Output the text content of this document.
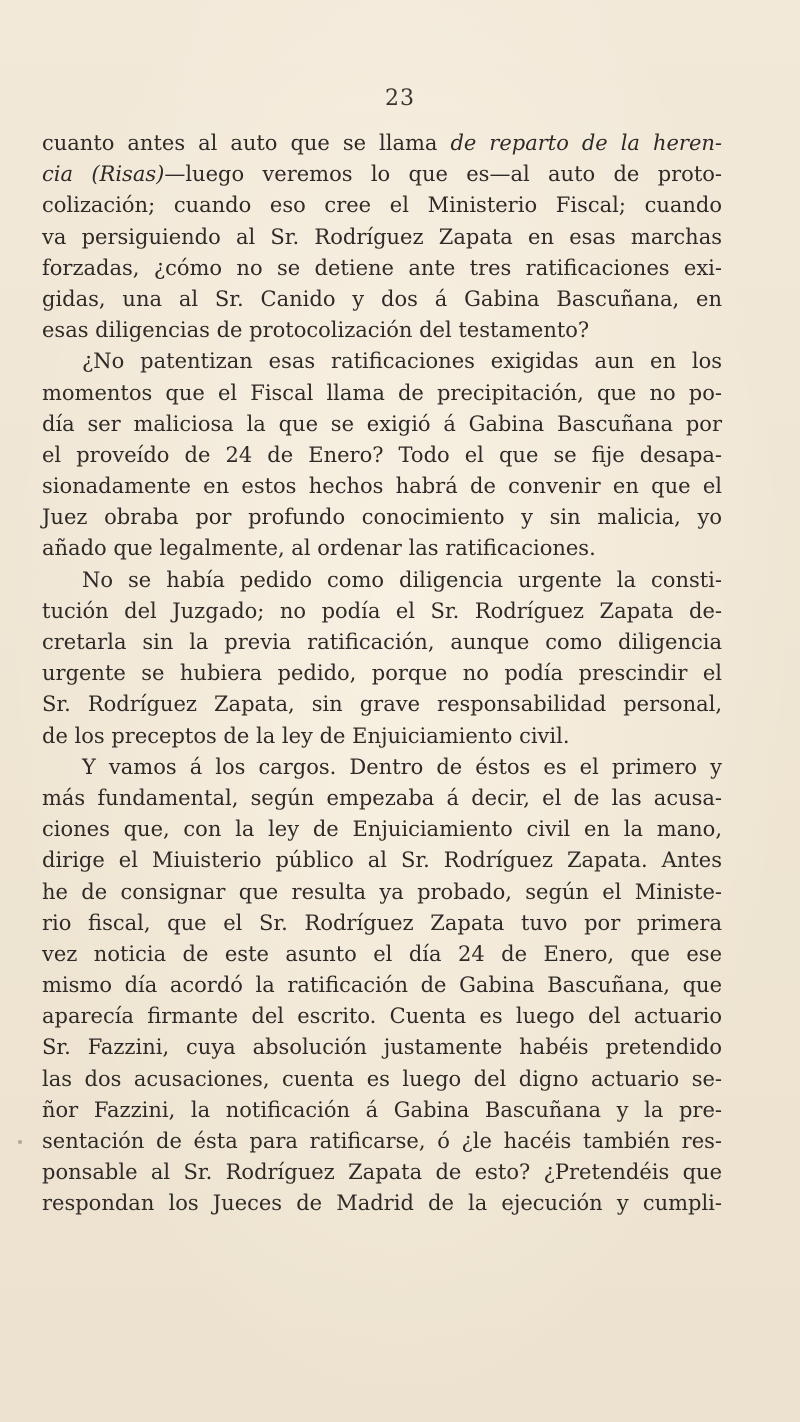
23
cuanto antes al auto que se llama de reparto de la heren-
cia (Risas)—luego veremos lo que es—al auto de proto-
colización; cuando eso cree el Ministerio Fiscal; cuando
va persiguiendo al Sr. Rodríguez Zapata en esas marchas
forzadas, ¿cómo no se detiene ante tres ratificaciones exi-
gidas, una al Sr. Canido y dos á Gabina Bascuñana, en
esas diligencias de protocolización del testamento?
¿No patentizan esas ratificaciones exigidas aun en los
momentos que el Fiscal llama de precipitación, que no po-
día ser maliciosa la que se exigió á Gabina Bascuñana por
el proveído de 24 de Enero? Todo el que se fije desapa-
sionadamente en estos hechos habrá de convenir en que el
Juez obraba por profundo conocimiento y sin malicia, yo
añado que legalmente, al ordenar las ratificaciones.
No se había pedido como diligencia urgente la consti-
tución del Juzgado; no podía el Sr. Rodríguez Zapata de-
cretarla sin la previa ratificación, aunque como diligencia
urgente se hubiera pedido, porque no podía prescindir el
Sr. Rodríguez Zapata, sin grave responsabilidad personal,
de los preceptos de la ley de Enjuiciamiento civil.
Y vamos á los cargos. Dentro de éstos es el primero y
más fundamental, según empezaba á decir, el de las acusa-
ciones que, con la ley de Enjuiciamiento civil en la mano,
dirige el Miuisterio público al Sr. Rodríguez Zapata. Antes
he de consignar que resulta ya probado, según el Ministe-
rio fiscal, que el Sr. Rodríguez Zapata tuvo por primera
vez noticia de este asunto el día 24 de Enero, que ese
mismo día acordó la ratificación de Gabina Bascuñana, que
aparecía firmante del escrito. Cuenta es luego del actuario
Sr. Fazzini, cuya absolución justamente habéis pretendido
las dos acusaciones, cuenta es luego del digno actuario se-
ñor Fazzini, la notificación á Gabina Bascuñana y la pre-
sentación de ésta para ratificarse, ó ¿le hacéis también res-
ponsable al Sr. Rodríguez Zapata de esto? ¿Pretendéis que
respondan los Jueces de Madrid de la ejecución y cumpli-
